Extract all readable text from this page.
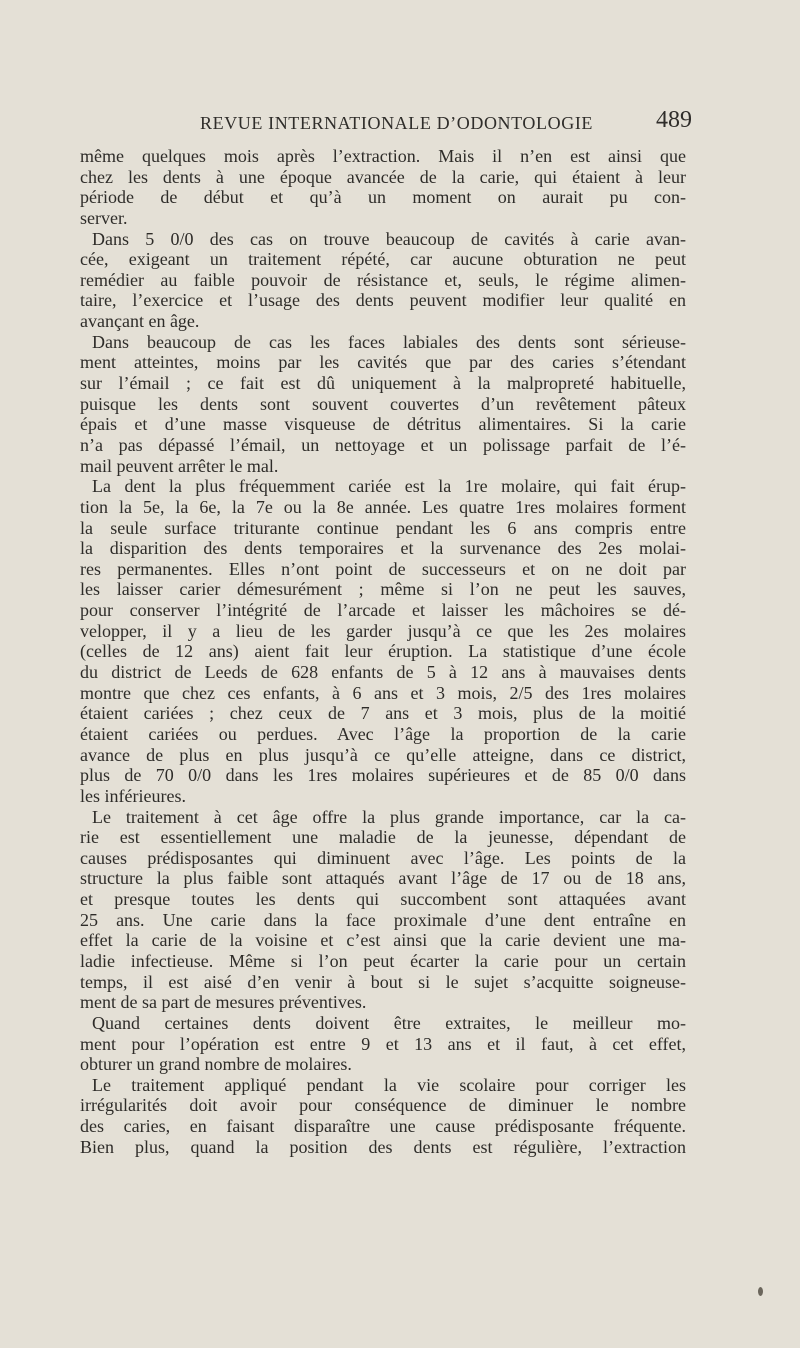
REVUE INTERNATIONALE D’ODONTOLOGIE	489
même quelques mois après l’extraction. Mais il n’en est ainsi que
chez les dents à une époque avancée de la carie, qui étaient à leur
période de début et qu’à un moment on aurait pu con-
server.
Dans 5 0/0 des cas on trouve beaucoup de cavités à carie avan-
cée, exigeant un traitement répété, car aucune obturation ne peut
remédier au faible pouvoir de résistance et, seuls, le régime alimen-
taire, l’exercice et l’usage des dents peuvent modifier leur qualité en
avançant en âge.
Dans beaucoup de cas les faces labiales des dents sont sérieuse-
ment atteintes, moins par les cavités que par des caries s’étendant
sur l’émail ; ce fait est dû uniquement à la malpropreté habituelle,
puisque les dents sont souvent couvertes d’un revêtement pâteux
épais et d’une masse visqueuse de détritus alimentaires. Si la carie
n’a pas dépassé l’émail, un nettoyage et un polissage parfait de l’é-
mail peuvent arrêter le mal.
La dent la plus fréquemment cariée est la 1re molaire, qui fait érup-
tion la 5e, la 6e, la 7e ou la 8e année. Les quatre 1res molaires forment
la seule surface triturante continue pendant les 6 ans compris entre
la disparition des dents temporaires et la survenance des 2es molai-
res permanentes. Elles n’ont point de successeurs et on ne doit par
les laisser carier démesurément ; même si l’on ne peut les sauves,
pour conserver l’intégrité de l’arcade et laisser les mâchoires se dé-
velopper, il y a lieu de les garder jusqu’à ce que les 2es molaires
(celles de 12 ans) aient fait leur éruption. La statistique d’une école
du district de Leeds de 628 enfants de 5 à 12 ans à mauvaises dents
montre que chez ces enfants, à 6 ans et 3 mois, 2/5 des 1res molaires
étaient cariées ; chez ceux de 7 ans et 3 mois, plus de la moitié
étaient cariées ou perdues. Avec l’âge la proportion de la carie
avance de plus en plus jusqu’à ce qu’elle atteigne, dans ce district,
plus de 70 0/0 dans les 1res molaires supérieures et de 85 0/0 dans
les inférieures.
Le traitement à cet âge offre la plus grande importance, car la ca-
rie est essentiellement une maladie de la jeunesse, dépendant de
causes prédisposantes qui diminuent avec l’âge. Les points de la
structure la plus faible sont attaqués avant l’âge de 17 ou de 18 ans,
et presque toutes les dents qui succombent sont attaquées avant
25 ans. Une carie dans la face proximale d’une dent entraîne en
effet la carie de la voisine et c’est ainsi que la carie devient une ma-
ladie infectieuse. Même si l’on peut écarter la carie pour un certain
temps, il est aisé d’en venir à bout si le sujet s’acquitte soigneuse-
ment de sa part de mesures préventives.
Quand certaines dents doivent être extraites, le meilleur mo-
ment pour l’opération est entre 9 et 13 ans et il faut, à cet effet,
obturer un grand nombre de molaires.
Le traitement appliqué pendant la vie scolaire pour corriger les
irrégularités doit avoir pour conséquence de diminuer le nombre
des caries, en faisant disparaître une cause prédisposante fréquente.
Bien plus, quand la position des dents est régulière, l’extraction
